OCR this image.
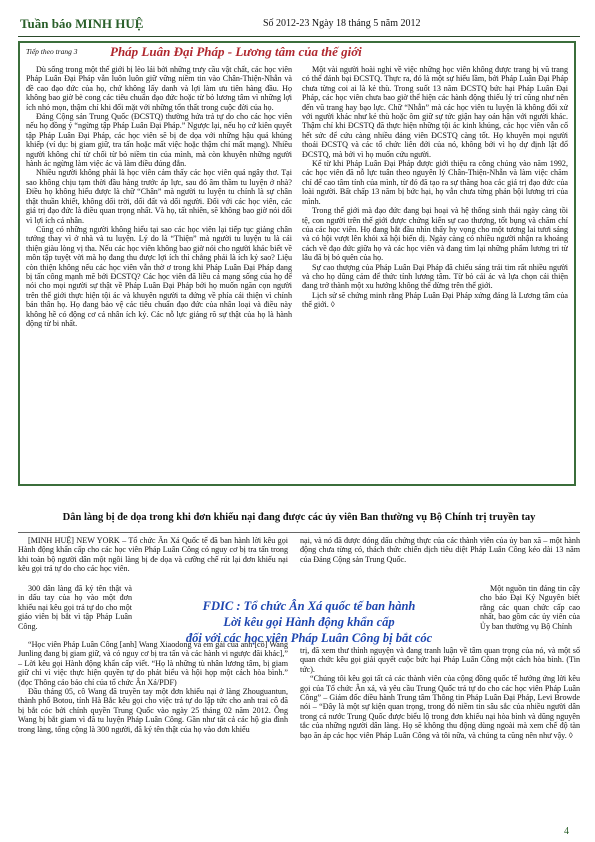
Tuần báo MINH HUỆ	Số 2012-23 Ngày 18 tháng 5 năm 2012
Tiếp theo trang 3	Pháp Luân Đại Pháp - Lương tâm của thế giới

Dù sống trong một thế giới bị lèo lái bởi những trưy cầu vật chất, các học viên Pháp Luân Đại Pháp vẫn luôn luôn giữ vững niềm tin vào Chân-Thiện-Nhẫn và đề cao đạo đức của họ, chứ không lấy danh và lợi làm ưu tiên hàng đầu. Họ không bao giờ bè cong các tiêu chuẩn đạo đức hoặc từ bỏ lương tâm vì những lợi ích nhỏ mọn, thậm chí khi đối mặt với những tổn thất trong cuộc đời của họ.

Đảng Cộng sản Trung Quốc (ĐCSTQ) thường hứa trả tự do cho các học viên nếu họ đồng ý “ngừng tập Pháp Luân Đại Pháp.” Ngược lại, nếu họ cứ kiên quyết tập Pháp Luân Đại Pháp, các học viên sẽ bị đe dọa với những hậu quả khủng khiếp (ví dụ: bị giam giữ, tra tấn hoặc mất việc hoặc thậm chí mất mạng). Nhiều người không chỉ từ chối từ bỏ niềm tin của mình, mà còn khuyên những người hành ác ngừng làm việc ác và làm điều đúng đắn.

Nhiều người không phải là học viên cảm thấy các học viên quá ngây thơ. Tại sao không chịu tạm thời đầu hàng trước áp lực, sau đó âm thầm tu luyện ở nhà? Điều họ không hiểu được là chữ “Chân” mà người tu luyện tu chính là sự chân thật thuần khiết, không dối trời, dối đất và dối người. Đối với các học viên, các giá trị đạo đức là điều quan trọng nhất. Và họ, tất nhiên, sẽ không bao giờ nói dối vì lợi ích cá nhân.

Cũng có những người không hiểu tại sao các học viên lại tiếp tục giảng chân tướng thay vì ở nhà và tu luyện. Lý do là “Thiện” mà người tu luyện tu là cái thiện giàu lòng vị tha. Nếu các học viên không bao giờ nói cho người khác biết về môn tập tuyệt vời mà họ đang thu được lợi ích thì chẳng phải là ích kỷ sao? Liệu còn thiện không nếu các học viên vẫn thờ ơ trong khi Pháp Luân Đại Pháp đang bị tấn công mạnh mẽ bởi ĐCSTQ? Các học viên đã liều cả mạng sống của họ để nói cho mọi người sự thật về Pháp Luân Đại Pháp bởi họ muốn ngăn cọn người trên thế giới thực hiện tội ác và khuyên người ta đứng về phía cái thiện vì chính bản thân họ. Họ đang bảo vệ các tiêu chuẩn đạo đức của nhân loại và điều này không hề có động cơ cá nhân ích kỷ. Các nỗ lực giảng rõ sự thật của họ là hành động từ bi nhất.

Một vài người hoài nghi về việc những học viên không được trang bị vũ trang có thể đánh bại ĐCSTQ. Thực ra, đó là một sự hiểu lầm, bởi Pháp Luân Đại Pháp chưa từng coi ai là kẻ thù. Trong suốt 13 năm ĐCSTQ bức hại Pháp Luân Đại Pháp, các học viên chưa bao giờ thể hiện các hành động thiếu lý trí cũng như nên đến vũ trang hay bạo lực. Chữ “Nhẫn” mà các học viên tu luyện là không đối xử với người khác như kẻ thù hoặc ôm giữ sự tức giận hay oán hận với người khác. Thậm chí khi ĐCSTQ đã thực hiện những tội ác kinh khủng, các học viên vẫn cố hết sức để cứu càng nhiều đảng viên ĐCSTQ càng tốt. Họ khuyên mọi người thoái ĐCSTQ và các tổ chức liên đới của nó, không bởi vì họ dự định lật đổ ĐCSTQ, mà bởi vì họ muốn cứu người.

Kể từ khi Pháp Luân Đại Pháp được giới thiệu ra công chúng vào năm 1992, các học viên đã nỗ lực tuân theo nguyên lý Chân-Thiện-Nhẫn và làm việc chăm chỉ để cao tâm tính của mình, từ đó đã tạo ra sự thăng hoa các giá trị đạo đức của loài người. Bất chấp 13 năm bị bức hại, họ vẫn chưa từng phản bội lương tri của mình.

Trong thế giới mà đạo đức đang bại hoại và hệ thống sinh thái ngày càng tồi tệ, con người trên thế giới được chứng kiến sự cao thượng, tốt bụng và chăm chỉ của các học viên. Họ đang bắt đầu nhìn thấy hy vọng cho một tương lai tươi sáng và có hội vượt lên khỏi xã hội biến dị. Ngày càng có nhiều người nhận ra khoảng cách về đạo đức giữa họ và các học viên và đang tìm lại những phẩm lương tri từ lâu đã bị bỏ quên của họ.

Sự cao thượng của Pháp Luân Đại Pháp đã chiếu sáng trái tim rất nhiều người và cho họ dũng cảm để thức tỉnh lương tâm. Từ bỏ cái ác và lựa chọn cái thiện đang trở thành một xu hướng không thể dừng trên thế giới.

Lịch sử sẽ chứng minh rằng Pháp Luân Đại Pháp xứng đáng là Lương tâm của thế giới. ◊

Dân làng bị đe dọa trong khi đơn khiếu nại đang được các ủy viên Ban thường vụ Bộ Chính trị truyền tay

[MINH HUỆ] NEW YORK – Tổ chức Ân Xá Quốc tế đã ban hành lời kêu gọi Hành động khẩn cấp cho các học viên Pháp Luân Công có nguy cơ bị tra tấn trong khi toàn bộ người dân một ngôi làng bị đe dọa và cưỡng chế rút lại đơn khiếu nại kêu gọi trả tự do cho các học viên.

300 dân làng đã ký tên thật và in dấu tay của họ vào một đơn khiếu nại kêu gọi trả tự do cho một giáo viên bị bắt vì tập Pháp Luân Công.

“Học viên Pháp Luân Công [anh] Wang Xiaodong và em gái của anh [cô] Wang Junling đang bị giam giữ, và có nguy cơ bị tra tấn và các hành vi ngược đãi khác],” – Lời kêu gọi Hành động khẩn cấp viết. “Họ là những tù nhân lương tâm, bị giam giữ chỉ vì việc thực hiện quyền tự do phát biểu và hội họp một cách hòa bình.” (đọc Thông cáo báo chí của tổ chức Ân Xá/PDF)

Đầu tháng 05, cô Wang đã truyền tay một đơn khiếu nại ở làng Zhouguantun, thành phố Botou, tỉnh Hà Bắc kêu gọi cho việc trả tự do lập tức cho anh trai cô đã bị bắt cóc bởi chính quyền Trung Quốc vào ngày 25 tháng 02 năm 2012. Ông Wang bị bắt giam vì đã tu luyện Pháp Luân Công. Gần như tất cả các hộ gia đình trong làng, tổng cộng là 300 người, đã ký tên thật của họ vào đơn khiếu

nại, và nó đã được đóng dấu chứng thực của các thành viên của ủy ban xã – một hành động chưa từng có, thách thức chiến dịch tiêu diệt Pháp Luân Công kéo dài 13 năm của Đảng Cộng sản Trung Quốc.

Một nguồn tin đáng tin cậy cho báo Đại Kỷ Nguyên biết rằng các quan chức cấp cao nhất, bao gồm các ủy viên của Ủy ban thường vụ Bộ Chính

trị, đã xem thư thỉnh nguyện và đang tranh luận về tâm quan trọng của nó, và một số quan chức kêu gọi giải quyết cuộc bức hại Pháp Luân Công một cách hòa bình. (Tin tức).

“Chúng tôi kêu gọi tất cả các thành viên của cộng đồng quốc tế hưởng ứng lời kêu gọi của Tổ chức Ân xá, và yêu cầu Trung Quốc trả tự do cho các học viên Pháp Luân Công” – Giám đốc điều hành Trung tâm Thông tin Pháp Luân Đại Pháp, Levi Browde nói – “Đây là một sự kiện quan trọng, trong đó niềm tin sâu sắc của nhiều người dân trong cả nước Trung Quốc được biểu lộ trong đơn khiếu nại hòa bình và dũng nguyên tắc của những người dân làng. Họ sẽ không thu động dùng ngoài mà xem chế độ tàn bạo ăn áp các học viên Pháp Luân Công và tôi nữa, và chúng ta cũng nên như vậy. ◊

FDIC : Tổ chức Ân Xá quốc tế ban hành
Lời kêu gọi Hành động khẩn cấp
đối với các học viên Pháp Luân Công bị bắt cóc
4
